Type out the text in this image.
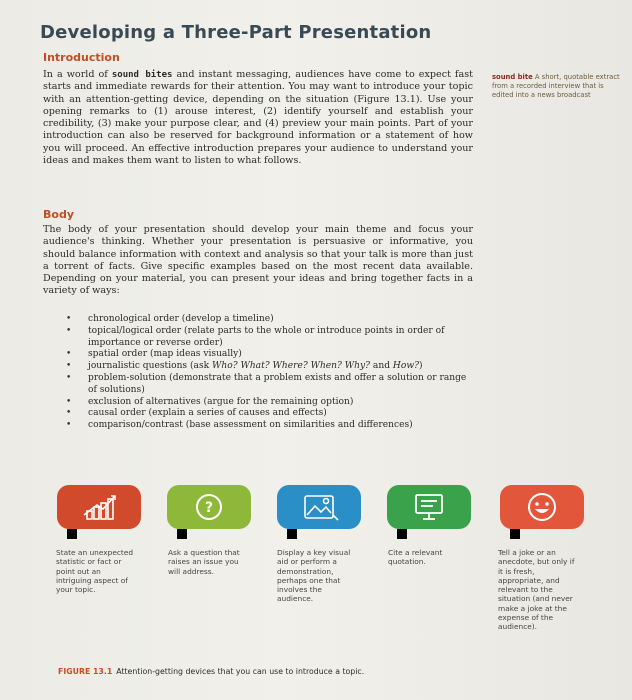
Developing a Three-Part Presentation
Introduction

In a world of sound bites and instant messaging, audiences have come to expect fast starts and immediate rewards for their attention. You may want to introduce your topic with an attention-getting device, depending on the situation (Figure 13.1). Use your opening remarks to (1) arouse interest, (2) identify yourself and establish your credibility, (3) make your purpose clear, and (4) preview your main points. Part of your introduction can also be reserved for background information or a statement of how you will proceed. An effective introduction prepares your audience to understand your ideas and makes them want to listen to what follows.

sound bite A short, quotable extract from a recorded interview that is edited into a news broadcast
Body

The body of your presentation should develop your main theme and focus your audience's thinking. Whether your presentation is persuasive or informative, you should balance information with context and analysis so that your talk is more than just a torrent of facts. Give specific examples based on the most recent data available. Depending on your material, you can present your ideas and bring together facts in a variety of ways:

• chronological order (develop a timeline)
• topical/logical order (relate parts to the whole or introduce points in order of importance or reverse order)
• spatial order (map ideas visually)
• journalistic questions (ask Who? What? Where? When? Why? and How?)
• problem-solution (demonstrate that a problem exists and offer a solution or range of solutions)
• exclusion of alternatives (argue for the remaining option)
• causal order (explain a series of causes and effects)
• comparison/contrast (base assessment on similarities and differences)
State an unexpected statistic or fact or point out an intriguing aspect of your topic.
?
Ask a question that raises an issue you will address.
Display a key visual aid or perform a demonstration, perhaps one that involves the audience.
Cite a relevant quotation.
Tell a joke or an anecdote, but only if it is fresh, appropriate, and relevant to the situation (and never make a joke at the expense of the audience).
FIGURE 13.1 Attention-getting devices that you can use to introduce a topic.
